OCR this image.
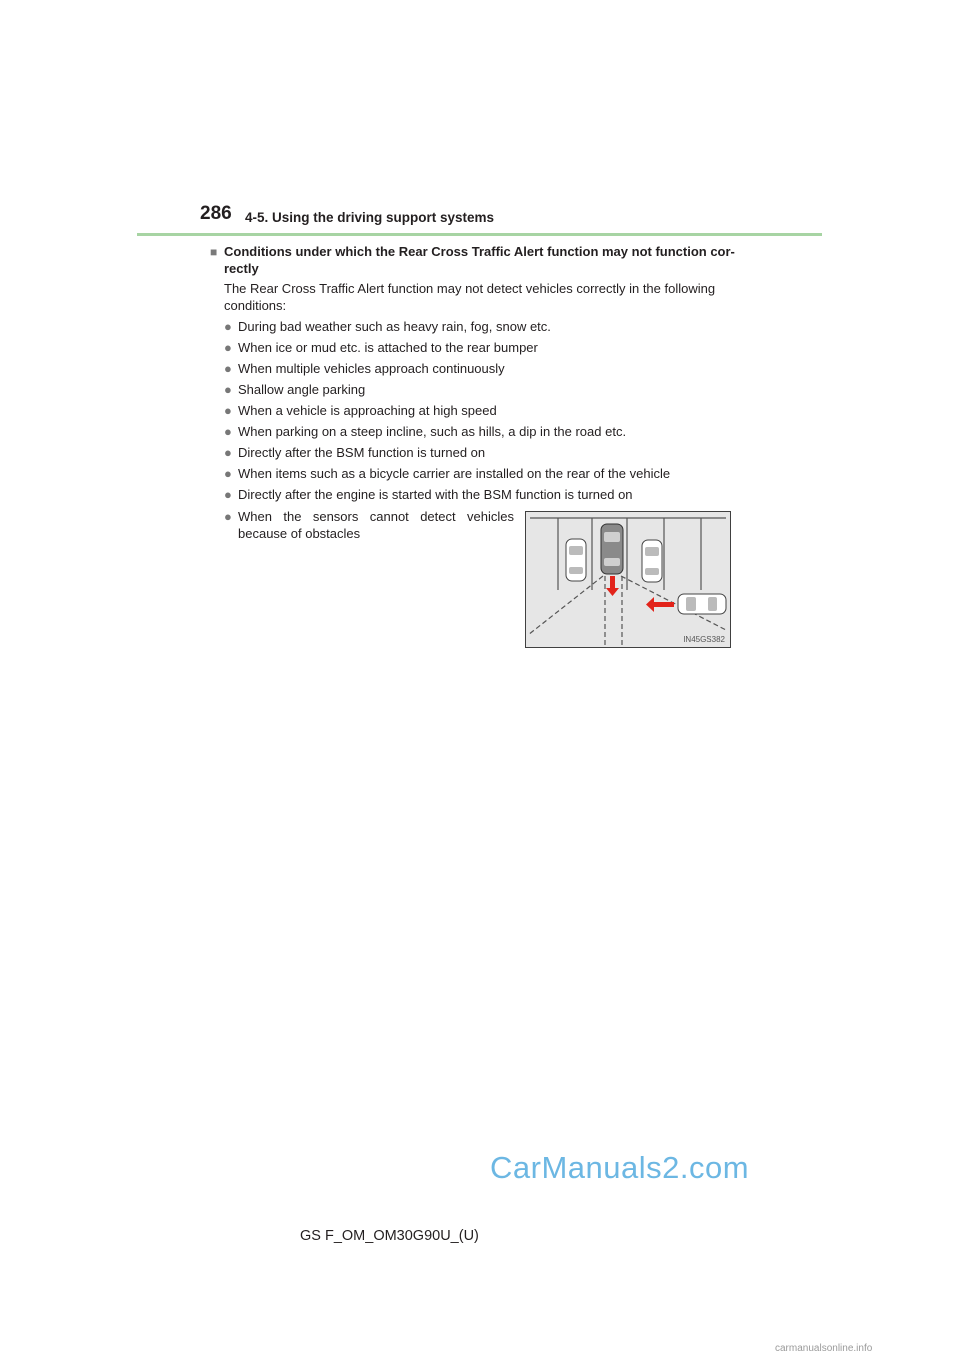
286 4-5. Using the driving support systems
■ Conditions under which the Rear Cross Traffic Alert function may not function cor-rectly
The Rear Cross Traffic Alert function may not detect vehicles correctly in the following conditions:
● During bad weather such as heavy rain, fog, snow etc.
● When ice or mud etc. is attached to the rear bumper
● When multiple vehicles approach continuously
● Shallow angle parking
● When a vehicle is approaching at high speed
● When parking on a steep incline, such as hills, a dip in the road etc.
● Directly after the BSM function is turned on
● When items such as a bicycle carrier are installed on the rear of the vehicle
● Directly after the engine is started with the BSM function is turned on
● When the sensors cannot detect vehicles because of obstacles
IN45GS382
CarManuals2.com
GS F_OM_OM30G90U_(U)
carmanualsonline.info
